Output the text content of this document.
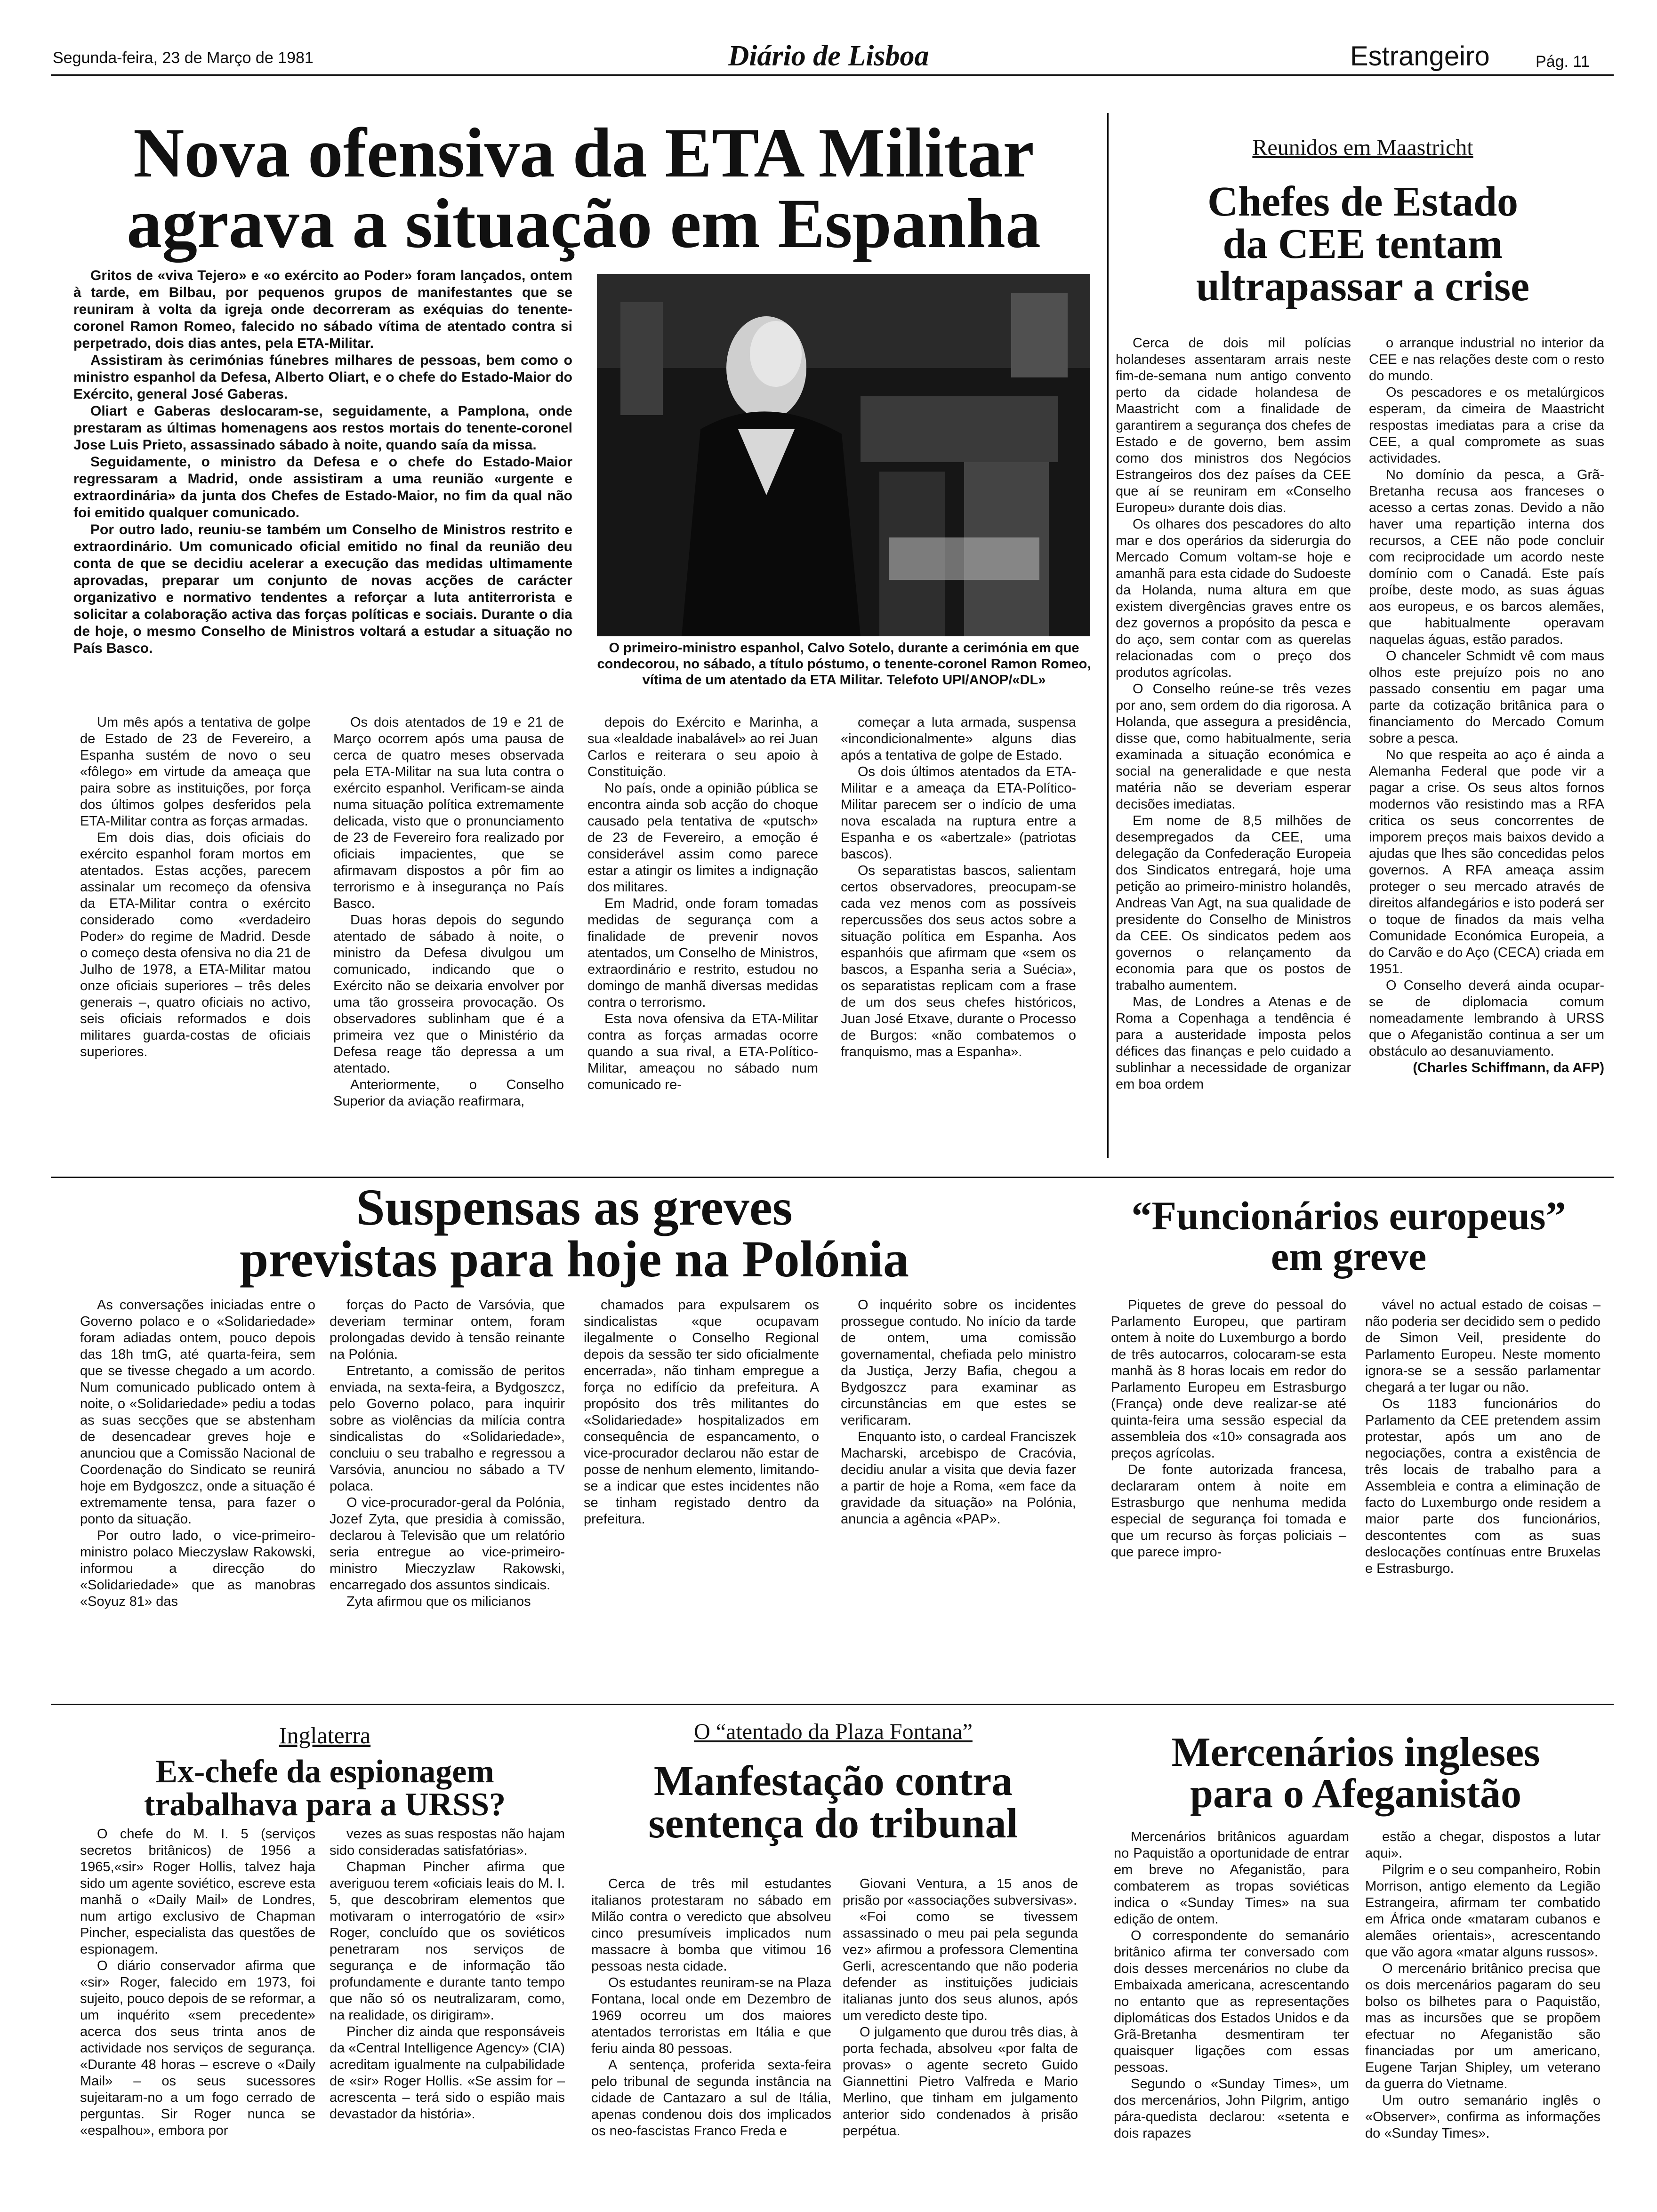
Segunda-feira, 23 de Março de 1981	Diário de Lisboa	Estrangeiro	Pág. 11
Nova ofensiva da ETA Militar
agrava a situação em Espanha

Gritos de «viva Tejero» e «o exército ao Poder» foram lançados, ontem à tarde, em Bilbau, por pequenos grupos de manifestantes que se reuniram à volta da igreja onde decorreram as exéquias do tenente-coronel Ramon Romeo, falecido no sábado vítima de atentado contra si perpetrado, dois dias antes, pela ETA-Militar.

Assistiram às cerimónias fúnebres milhares de pessoas, bem como o ministro espanhol da Defesa, Alberto Oliart, e o chefe do Estado-Maior do Exército, general José Gaberas.

Oliart e Gaberas deslocaram-se, seguidamente, a Pamplona, onde prestaram as últimas homenagens aos restos mortais do tenente-coronel Jose Luis Prieto, assassinado sábado à noite, quando saía da missa.

Seguidamente, o ministro da Defesa e o chefe do Estado-Maior regressaram a Madrid, onde assistiram a uma reunião «urgente e extraordinária» da junta dos Chefes de Estado-Maior, no fim da qual não foi emitido qualquer comunicado.

Por outro lado, reuniu-se também um Conselho de Ministros restrito e extraordinário. Um comunicado oficial emitido no final da reunião deu conta de que se decidiu acelerar a execução das medidas ultimamente aprovadas, preparar um conjunto de novas acções de carácter organizativo e normativo tendentes a reforçar a luta antiterrorista e solicitar a colaboração activa das forças políticas e sociais. Durante o dia de hoje, o mesmo Conselho de Ministros voltará a estudar a situação no País Basco.	O primeiro-ministro espanhol, Calvo Sotelo, durante a cerimónia em que condecorou, no sábado, a título póstumo, o tenente-coronel Ramon Romeo, vítima de um atentado da ETA Militar. Telefoto UPI/ANOP/«DL»

Um mês após a tentativa de golpe de Estado de 23 de Fevereiro, a Espanha sustém de novo o seu «fôlego» em virtude da ameaça que paira sobre as instituições, por força dos últimos golpes desferidos pela ETA-Militar contra as forças armadas.

Em dois dias, dois oficiais do exército espanhol foram mortos em atentados. Estas acções, parecem assinalar um recomeço da ofensiva da ETA-Militar contra o exército considerado como «verdadeiro Poder» do regime de Madrid. Desde o começo desta ofensiva no dia 21 de Julho de 1978, a ETA-Militar matou onze oficiais superiores – três deles generais –, quatro oficiais no activo, seis oficiais reformados e dois militares guarda-costas de oficiais superiores.

Os dois atentados de 19 e 21 de Março ocorrem após uma pausa de cerca de quatro meses observada pela ETA-Militar na sua luta contra o exército espanhol. Verificam-se ainda numa situação política extremamente delicada, visto que o pronunciamento de 23 de Fevereiro fora realizado por oficiais impacientes, que se afirmavam dispostos a pôr fim ao terrorismo e à insegurança no País Basco.

Duas horas depois do segundo atentado de sábado à noite, o ministro da Defesa divulgou um comunicado, indicando que o Exército não se deixaria envolver por uma tão grosseira provocação. Os observadores sublinham que é a primeira vez que o Ministério da Defesa reage tão depressa a um atentado.

Anteriormente, o Conselho Superior da aviação reafirmara,

depois do Exército e Marinha, a sua «lealdade inabalável» ao rei Juan Carlos e reiterara o seu apoio à Constituição.

No país, onde a opinião pública se encontra ainda sob acção do choque causado pela tentativa de «putsch» de 23 de Fevereiro, a emoção é considerável assim como parece estar a atingir os limites a indignação dos militares.

Em Madrid, onde foram tomadas medidas de segurança com a finalidade de prevenir novos atentados, um Conselho de Ministros, extraordinário e restrito, estudou no domingo de manhã diversas medidas contra o terrorismo.

Esta nova ofensiva da ETA-Militar contra as forças armadas ocorre quando a sua rival, a ETA-Político-Militar, ameaçou no sábado num comunicado re-

começar a luta armada, suspensa «incondicionalmente» alguns dias após a tentativa de golpe de Estado.

Os dois últimos atentados da ETA-Militar e a ameaça da ETA-Político-Militar parecem ser o indício de uma nova escalada na ruptura entre a Espanha e os «abertzale» (patriotas bascos).

Os separatistas bascos, salientam certos observadores, preocupam-se cada vez menos com as possíveis repercussões dos seus actos sobre a situação política em Espanha. Aos espanhóis que afirmam que «sem os bascos, a Espanha seria a Suécia», os separatistas replicam com a frase de um dos seus chefes históricos, Juan José Etxave, durante o Processo de Burgos: «não combatemos o franquismo, mas a Espanha».

Reunidos em Maastricht
Chefes de Estado
da CEE tentam
ultrapassar a crise

Cerca de dois mil polícias holandeses assentaram arrais neste fim-de-semana num antigo convento perto da cidade holandesa de Maastricht com a finalidade de garantirem a segurança dos chefes de Estado e de governo, bem assim como dos ministros dos Negócios Estrangeiros dos dez países da CEE que aí se reuniram em «Conselho Europeu» durante dois dias.

Os olhares dos pescadores do alto mar e dos operários da siderurgia do Mercado Comum voltam-se hoje e amanhã para esta cidade do Sudoeste da Holanda, numa altura em que existem divergências graves entre os dez governos a propósito da pesca e do aço, sem contar com as querelas relacionadas com o preço dos produtos agrícolas.

O Conselho reúne-se três vezes por ano, sem ordem do dia rigorosa. A Holanda, que assegura a presidência, disse que, como habitualmente, seria examinada a situação económica e social na generalidade e que nesta matéria não se deveriam esperar decisões imediatas.

Em nome de 8,5 milhões de desempregados da CEE, uma delegação da Confederação Europeia dos Sindicatos entregará, hoje uma petição ao primeiro-ministro holandês, Andreas Van Agt, na sua qualidade de presidente do Conselho de Ministros da CEE. Os sindicatos pedem aos governos o relançamento da economia para que os postos de trabalho aumentem.

Mas, de Londres a Atenas e de Roma a Copenhaga a tendência é para a austeridade imposta pelos défices das finanças e pelo cuidado a sublinhar a necessidade de organizar em boa ordem

o arranque industrial no interior da CEE e nas relações deste com o resto do mundo.

Os pescadores e os metalúrgicos esperam, da cimeira de Maastricht respostas imediatas para a crise da CEE, a qual compromete as suas actividades.

No domínio da pesca, a Grã-Bretanha recusa aos franceses o acesso a certas zonas. Devido a não haver uma repartição interna dos recursos, a CEE não pode concluir com reciprocidade um acordo neste domínio com o Canadá. Este país proíbe, deste modo, as suas águas aos europeus, e os barcos alemães, que habitualmente operavam naquelas águas, estão parados.

O chanceler Schmidt vê com maus olhos este prejuízo pois no ano passado consentiu em pagar uma parte da cotização britânica para o financiamento do Mercado Comum sobre a pesca.

No que respeita ao aço é ainda a Alemanha Federal que pode vir a pagar a crise. Os seus altos fornos modernos vão resistindo mas a RFA critica os seus concorrentes de imporem preços mais baixos devido a ajudas que lhes são concedidas pelos governos. A RFA ameaça assim proteger o seu mercado através de direitos alfandegários e isto poderá ser o toque de finados da mais velha Comunidade Económica Europeia, a do Carvão e do Aço (CECA) criada em 1951.

O Conselho deverá ainda ocupar-se de diplomacia comum nomeadamente lembrando à URSS que o Afeganistão continua a ser um obstáculo ao desanuviamento.

(Charles Schiffmann, da AFP)

Suspensas as greves
previstas para hoje na Polónia

As conversações iniciadas entre o Governo polaco e o «Solidariedade» foram adiadas ontem, pouco depois das 18h tmG, até quarta-feira, sem que se tivesse chegado a um acordo. Num comunicado publicado ontem à noite, o «Solidariedade» pediu a todas as suas secções que se abstenham de desencadear greves hoje e anunciou que a Comissão Nacional de Coordenação do Sindicato se reunirá hoje em Bydgoszcz, onde a situação é extremamente tensa, para fazer o ponto da situação.

Por outro lado, o vice-primeiro-ministro polaco Mieczyslaw Rakowski, informou a direcção do «Solidariedade» que as manobras «Soyuz 81» das

forças do Pacto de Varsóvia, que deveriam terminar ontem, foram prolongadas devido à tensão reinante na Polónia.

Entretanto, a comissão de peritos enviada, na sexta-feira, a Bydgoszcz, pelo Governo polaco, para inquirir sobre as violências da milícia contra sindicalistas do «Solidariedade», concluiu o seu trabalho e regressou a Varsóvia, anunciou no sábado a TV polaca.

O vice-procurador-geral da Polónia, Jozef Zyta, que presidia à comissão, declarou à Televisão que um relatório seria entregue ao vice-primeiro-ministro Mieczyzlaw Rakowski, encarregado dos assuntos sindicais.

Zyta afirmou que os milicianos

chamados para expulsarem os sindicalistas «que ocupavam ilegalmente o Conselho Regional depois da sessão ter sido oficialmente encerrada», não tinham empregue a força no edifício da prefeitura. A propósito dos três militantes do «Solidariedade» hospitalizados em consequência de espancamento, o vice-procurador declarou não estar de posse de nenhum elemento, limitando-se a indicar que estes incidentes não se tinham registado dentro da prefeitura.

O inquérito sobre os incidentes prossegue contudo. No início da tarde de ontem, uma comissão governamental, chefiada pelo ministro da Justiça, Jerzy Bafia, chegou a Bydgoszcz para examinar as circunstâncias em que estes se verificaram.

Enquanto isto, o cardeal Franciszek Macharski, arcebispo de Cracóvia, decidiu anular a visita que devia fazer a partir de hoje a Roma, «em face da gravidade da situação» na Polónia, anuncia a agência «PAP».

“Funcionários europeus”
em greve

Piquetes de greve do pessoal do Parlamento Europeu, que partiram ontem à noite do Luxemburgo a bordo de três autocarros, colocaram-se esta manhã às 8 horas locais em redor do Parlamento Europeu em Estrasburgo (França) onde deve realizar-se até quinta-feira uma sessão especial da assembleia dos «10» consagrada aos preços agrícolas.

De fonte autorizada francesa, declararam ontem à noite em Estrasburgo que nenhuma medida especial de segurança foi tomada e que um recurso às forças policiais – que parece impro-

vável no actual estado de coisas – não poderia ser decidido sem o pedido de Simon Veil, presidente do Parlamento Europeu. Neste momento ignora-se se a sessão parlamentar chegará a ter lugar ou não.

Os 1183 funcionários do Parlamento da CEE pretendem assim protestar, após um ano de negociações, contra a existência de três locais de trabalho para a Assembleia e contra a eliminação de facto do Luxemburgo onde residem a maior parte dos funcionários, descontentes com as suas deslocações contínuas entre Bruxelas e Estrasburgo.

Inglaterra
Ex-chefe da espionagem
trabalhava para a URSS?

O chefe do M. I. 5 (serviços secretos britânicos) de 1956 a 1965,«sir» Roger Hollis, talvez haja sido um agente soviético, escreve esta manhã o «Daily Mail» de Londres, num artigo exclusivo de Chapman Pincher, especialista das questões de espionagem.

O diário conservador afirma que «sir» Roger, falecido em 1973, foi sujeito, pouco depois de se reformar, a um inquérito «sem precedente» acerca dos seus trinta anos de actividade nos serviços de segurança. «Durante 48 horas – escreve o «Daily Mail» – os seus sucessores sujeitaram-no a um fogo cerrado de perguntas. Sir Roger nunca se «espalhou», embora por

vezes as suas respostas não hajam sido consideradas satisfatórias».

Chapman Pincher afirma que averiguou terem «oficiais leais do M. I. 5, que descobriram elementos que motivaram o interrogatório de «sir» Roger, concluído que os soviéticos penetraram nos serviços de segurança e de informação tão profundamente e durante tanto tempo que não só os neutralizaram, como, na realidade, os dirigiram».

Pincher diz ainda que responsáveis da «Central Intelligence Agency» (CIA) acreditam igualmente na culpabilidade de «sir» Roger Hollis. «Se assim for – acrescenta – terá sido o espião mais devastador da história».

O “atentado da Plaza Fontana”
Manfestação contra
sentença do tribunal

Cerca de três mil estudantes italianos protestaram no sábado em Milão contra o veredicto que absolveu cinco presumíveis implicados num massacre à bomba que vitimou 16 pessoas nesta cidade.

Os estudantes reuniram-se na Plaza Fontana, local onde em Dezembro de 1969 ocorreu um dos maiores atentados terroristas em Itália e que feriu ainda 80 pessoas.

A sentença, proferida sexta-feira pelo tribunal de segunda instância na cidade de Cantazaro a sul de Itália, apenas condenou dois dos implicados os neo-fascistas Franco Freda e

Giovani Ventura, a 15 anos de prisão por «associações subversivas».

«Foi como se tivessem assassinado o meu pai pela segunda vez» afirmou a professora Clementina Gerli, acrescentando que não poderia defender as instituições judiciais italianas junto dos seus alunos, após um veredicto deste tipo.

O julgamento que durou três dias, à porta fechada, absolveu «por falta de provas» o agente secreto Guido Giannettini Pietro Valfreda e Mario Merlino, que tinham em julgamento anterior sido condenados à prisão perpétua.

Mercenários ingleses
para o Afeganistão

Mercenários britânicos aguardam no Paquistão a oportunidade de entrar em breve no Afeganistão, para combaterem as tropas soviéticas indica o «Sunday Times» na sua edição de ontem.

O correspondente do semanário britânico afirma ter conversado com dois desses mercenários no clube da Embaixada americana, acrescentando no entanto que as representações diplomáticas dos Estados Unidos e da Grã-Bretanha desmentiram ter quaisquer ligações com essas pessoas.

Segundo o «Sunday Times», um dos mercenários, John Pilgrim, antigo pára-quedista declarou: «setenta e dois rapazes

estão a chegar, dispostos a lutar aqui».

Pilgrim e o seu companheiro, Robin Morrison, antigo elemento da Legião Estrangeira, afirmam ter combatido em África onde «mataram cubanos e alemães orientais», acrescentando que vão agora «matar alguns russos».

O mercenário britânico precisa que os dois mercenários pagaram do seu bolso os bilhetes para o Paquistão, mas as incursões que se propõem efectuar no Afeganistão são financiadas por um americano, Eugene Tarjan Shipley, um veterano da guerra do Vietname.

Um outro semanário inglês o «Observer», confirma as informações do «Sunday Times».
